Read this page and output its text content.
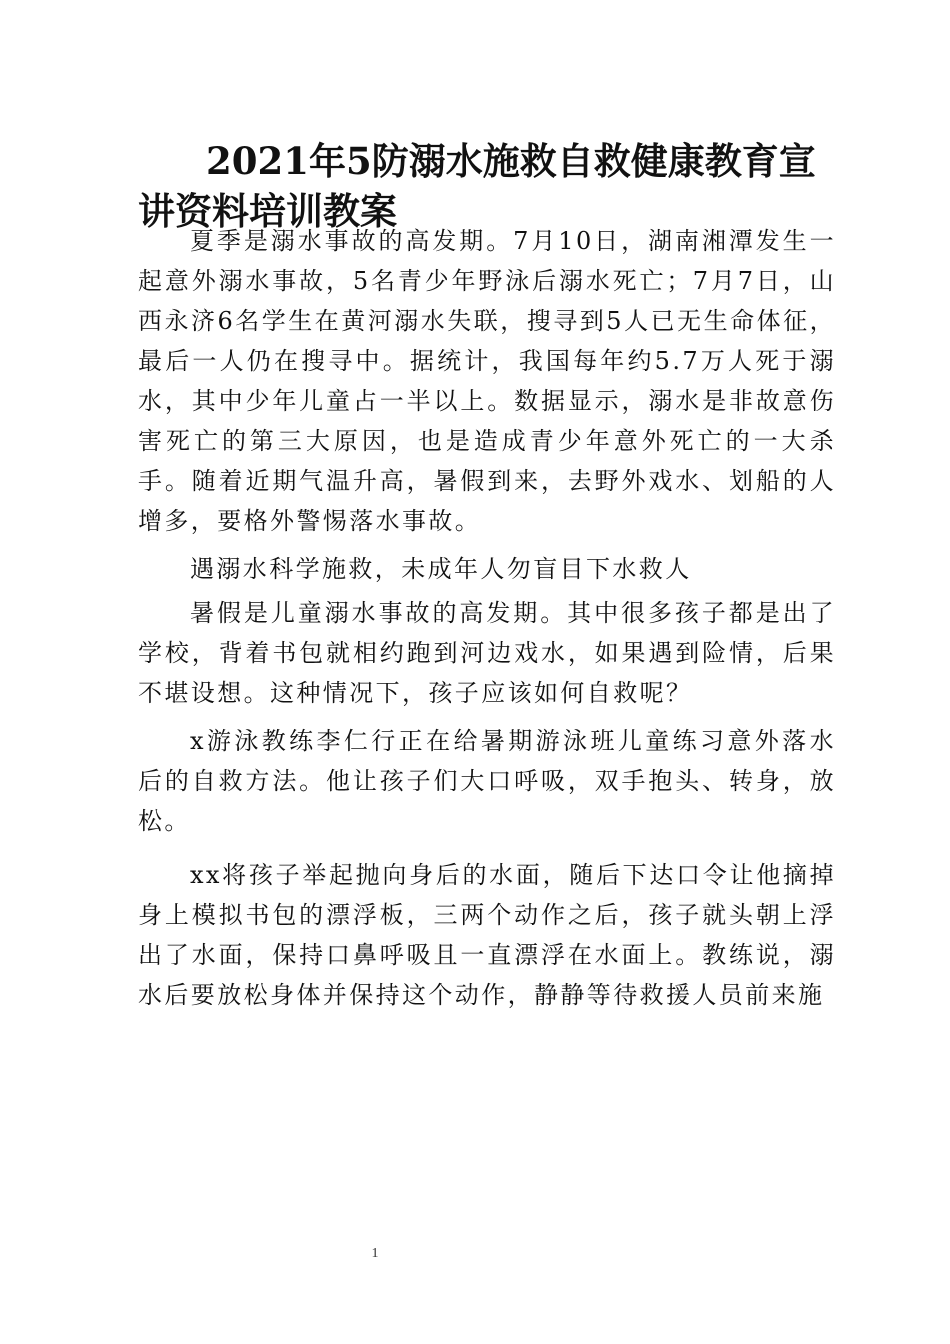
2021年5防溺水施救自救健康教育宣讲资料培训教案

夏季是溺水事故的高发期。7月10日，湖南湘潭发生一起意外溺水事故，5名青少年野泳后溺水死亡；7月7日，山西永济6名学生在黄河溺水失联，搜寻到5人已无生命体征，最后一人仍在搜寻中。据统计，我国每年约5.7万人死于溺水，其中少年儿童占一半以上。数据显示，溺水是非故意伤害死亡的第三大原因，也是造成青少年意外死亡的一大杀手。随着近期气温升高，暑假到来，去野外戏水、划船的人增多，要格外警惕落水事故。

遇溺水科学施救，未成年人勿盲目下水救人

暑假是儿童溺水事故的高发期。其中很多孩子都是出了学校，背着书包就相约跑到河边戏水，如果遇到险情，后果不堪设想。这种情况下，孩子应该如何自救呢？

x游泳教练李仁行正在给暑期游泳班儿童练习意外落水后的自救方法。他让孩子们大口呼吸，双手抱头、转身，放松。

xx将孩子举起抛向身后的水面，随后下达口令让他摘掉身上模拟书包的漂浮板，三两个动作之后，孩子就头朝上浮出了水面，保持口鼻呼吸且一直漂浮在水面上。教练说，溺水后要放松身体并保持这个动作，静静等待救援人员前来施

1
